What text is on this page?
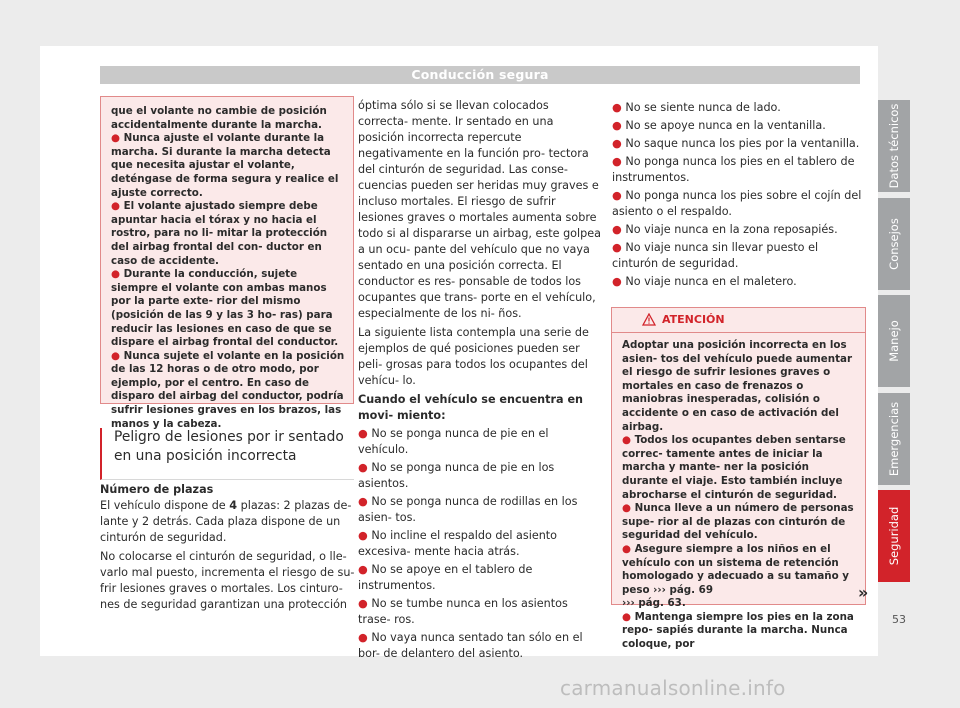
Conducción segura

que el volante no cambie de posición accidentalmente durante la marcha.

● Nunca ajuste el volante durante la marcha. Si durante la marcha detecta que necesita ajustar el volante, deténgase de forma segura y realice el ajuste correcto.

● El volante ajustado siempre debe apuntar hacia el tórax y no hacia el rostro, para no li- mitar la protección del airbag frontal del con- ductor en caso de accidente.

● Durante la conducción, sujete siempre el volante con ambas manos por la parte exte- rior del mismo (posición de las 9 y las 3 ho- ras) para reducir las lesiones en caso de que se dispare el airbag frontal del conductor.

● Nunca sujete el volante en la posición de las 12 horas o de otro modo, por ejemplo, por el centro. En caso de disparo del airbag del conductor, podría sufrir lesiones graves en los brazos, las manos y la cabeza.

Peligro de lesiones por ir sentado en una posición incorrecta
Número de plazas
El vehículo dispone de 4 plazas: 2 plazas de- lante y 2 detrás. Cada plaza dispone de un cinturón de seguridad.
No colocarse el cinturón de seguridad, o lle- varlo mal puesto, incrementa el riesgo de su- frir lesiones graves o mortales. Los cinturo- nes de seguridad garantizan una protección
óptima sólo si se llevan colocados correcta- mente. Ir sentado en una posición incorrecta repercute negativamente en la función pro- tectora del cinturón de seguridad. Las conse- cuencias pueden ser heridas muy graves e incluso mortales. El riesgo de sufrir lesiones graves o mortales aumenta sobre todo si al dispararse un airbag, este golpea a un ocu- pante del vehículo que no vaya sentado en una posición correcta. El conductor es res- ponsable de todos los ocupantes que trans- porte en el vehículo, especialmente de los ni- ños.
La siguiente lista contempla una serie de ejemplos de qué posiciones pueden ser peli- grosas para todos los ocupantes del vehícu- lo.
Cuando el vehículo se encuentra en movi- miento:
● No se ponga nunca de pie en el vehículo.
● No se ponga nunca de pie en los asientos.
● No se ponga nunca de rodillas en los asien- tos.
● No incline el respaldo del asiento excesiva- mente hacia atrás.
● No se apoye en el tablero de instrumentos.
● No se tumbe nunca en los asientos trase- ros.
● No vaya nunca sentado tan sólo en el bor- de delantero del asiento.
● No se siente nunca de lado.
● No se apoye nunca en la ventanilla.
● No saque nunca los pies por la ventanilla.
● No ponga nunca los pies en el tablero de instrumentos.
● No ponga nunca los pies sobre el cojín del asiento o el respaldo.
● No viaje nunca en la zona reposapiés.
● No viaje nunca sin llevar puesto el cinturón de seguridad.
● No viaje nunca en el maletero.
ATENCIÓN

Adoptar una posición incorrecta en los asien- tos del vehículo puede aumentar el riesgo de sufrir lesiones graves o mortales en caso de frenazos o maniobras inesperadas, colisión o accidente o en caso de activación del airbag.

● Todos los ocupantes deben sentarse correc- tamente antes de iniciar la marcha y mante- ner la posición durante el viaje. Esto también incluye abrocharse el cinturón de seguridad.

● Nunca lleve a un número de personas supe- rior al de plazas con cinturón de seguridad del vehículo.

● Asegure siempre a los niños en el vehículo con un sistema de retención homologado y adecuado a su tamaño y peso ››› pág. 69
››› pág. 63.

● Mantenga siempre los pies en la zona repo- sapiés durante la marcha. Nunca coloque, por

»
Datos técnicos
Consejos
Manejo
Emergencias
Seguridad
53
carmanualsonline.info
